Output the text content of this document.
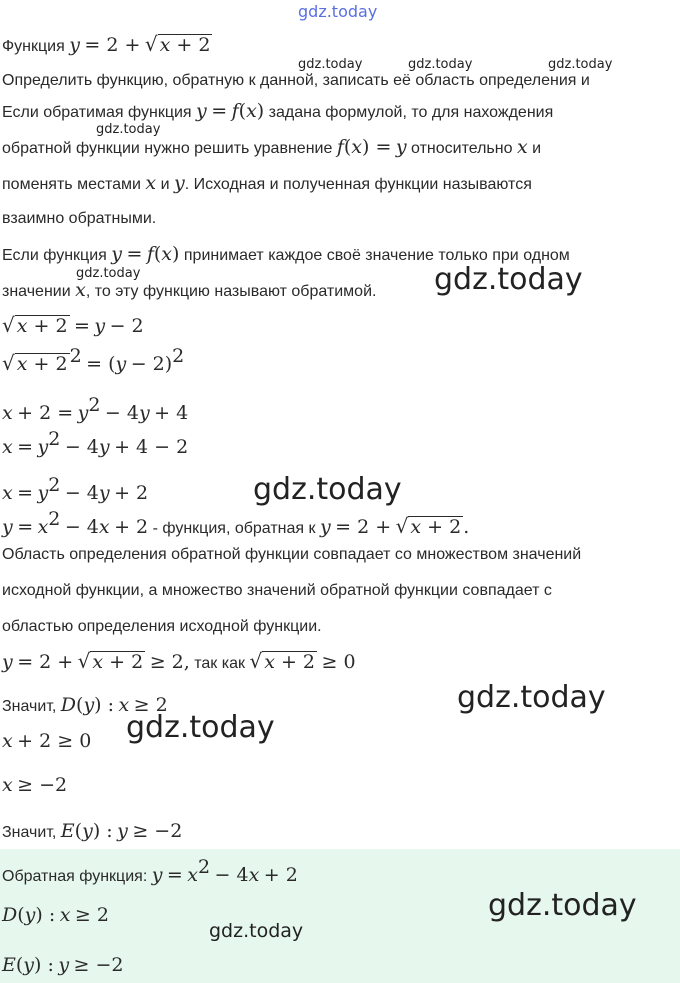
gdz.today
gdz.today	gdz.today	gdz.today
gdz.today
gdz.today	gdz.today
gdz.today
gdz.today
gdz.today
gdz.today
gdz.today
Функция y = 2 + √ x + 2
Определить функцию, обратную к данной, записать её область определения и
Если обратимая функция y = f(x) задана формулой, то для нахождения
обратной функции нужно решить уравнение f(x) = y относительно x и
поменять местами x и y. Исходная и полученная функции называются
взаимно обратными.
Если функция y = f(x) принимает каждое своё значение только при одном
значении x, то эту функцию называют обратимой.
√ x + 2 = y − 2
√ x + 2 $^2 = (y - 2)^2$
$x + 2 = y^2 - 4y + 4$
$x = y^2 - 4y + 4 - 2$
$x = y^2 - 4y + 2$
$y = x^2 - 4x + 2$ - функция, обратная к y = 2 + √ x + 2 .
Область определения обратной функции совпадает со множеством значений
исходной функции, а множество значений обратной функции совпадает с
областью определения исходной функции.
y = 2 + √ x + 2 ≥ 2, так как √ x + 2 ≥ 0
Значит, D(y) : x ≥ 2
x + 2 ≥ 0
x ≥ −2
Значит, E(y) : y ≥ −2
Обратная функция: $y = x^2 - 4x + 2$
D(y) : x ≥ 2
E(y) : y ≥ −2
